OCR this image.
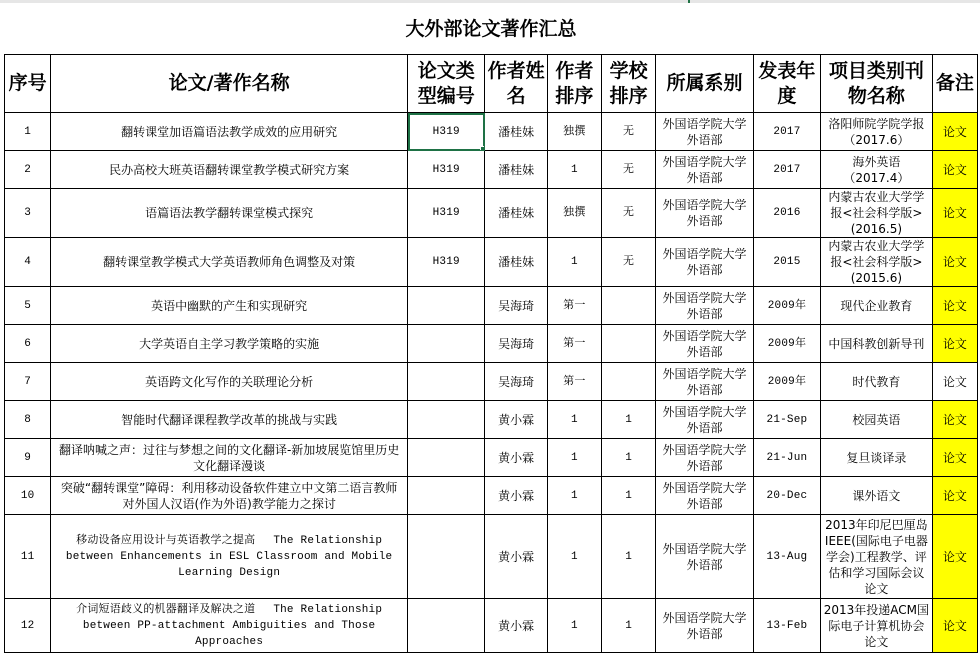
大外部论文著作汇总									
序号	论文/著作名称	论文类型编号	作者姓名	作者排序	学校排序	所属系别	发表年度	项目类别刊物名称	备注
1	翻转课堂加语篇语法教学成效的应用研究	H319	潘桂妹	独撰	无	外国语学院大学外语部	2017	洛阳师院学院学报（2017.6）	论文
2	民办高校大班英语翻转课堂教学模式研究方案	H319	潘桂妹	1	无	外国语学院大学外语部	2017	海外英语（2017.4）	论文
3	语篇语法教学翻转课堂模式探究	H319	潘桂妹	独撰	无	外国语学院大学外语部	2016	内蒙古农业大学学报<社会科学版>(2016.5)	论文
4	翻转课堂教学模式大学英语教师角色调整及对策	H319	潘桂妹	1	无	外国语学院大学外语部	2015	内蒙古农业大学学报<社会科学版>(2015.6)	论文
5	英语中幽默的产生和实现研究		吴海琦	第一		外国语学院大学外语部	2009年	现代企业教育	论文
6	大学英语自主学习教学策略的实施		吴海琦	第一		外国语学院大学外语部	2009年	中国科教创新导刊	论文
7	英语跨文化写作的关联理论分析		吴海琦	第一		外国语学院大学外语部	2009年	时代教育	论文
8	智能时代翻译课程教学改革的挑战与实践		黄小霖	1	1	外国语学院大学外语部	21-Sep	校园英语	论文
9	翻译呐喊之声：过往与梦想之间的文化翻译-新加坡展览馆里历史文化翻译漫谈		黄小霖	1	1	外国语学院大学外语部	21-Jun	复旦谈译录	论文
10	突破“翻转课堂”障碍：利用移动设备软件建立中文第二语言教师对外国人汉语(作为外语)教学能力之探讨		黄小霖	1	1	外国语学院大学外语部	20-Dec	课外语文	论文
11	移动设备应用设计与英语教学之提高　 The Relationship between Enhancements in ESL Classroom and Mobile Learning Design		黄小霖	1	1	外国语学院大学外语部	13-Aug	2013年印尼巴厘岛IEEE(国际电子电器学会)工程教学、评估和学习国际会议论文	论文
12	介词短语歧义的机器翻译及解决之道　 The Relationship between PP-attachment Ambiguities and Those Approaches		黄小霖	1	1	外国语学院大学外语部	13-Feb	2013年投递ACM国际电子计算机协会论文	论文
